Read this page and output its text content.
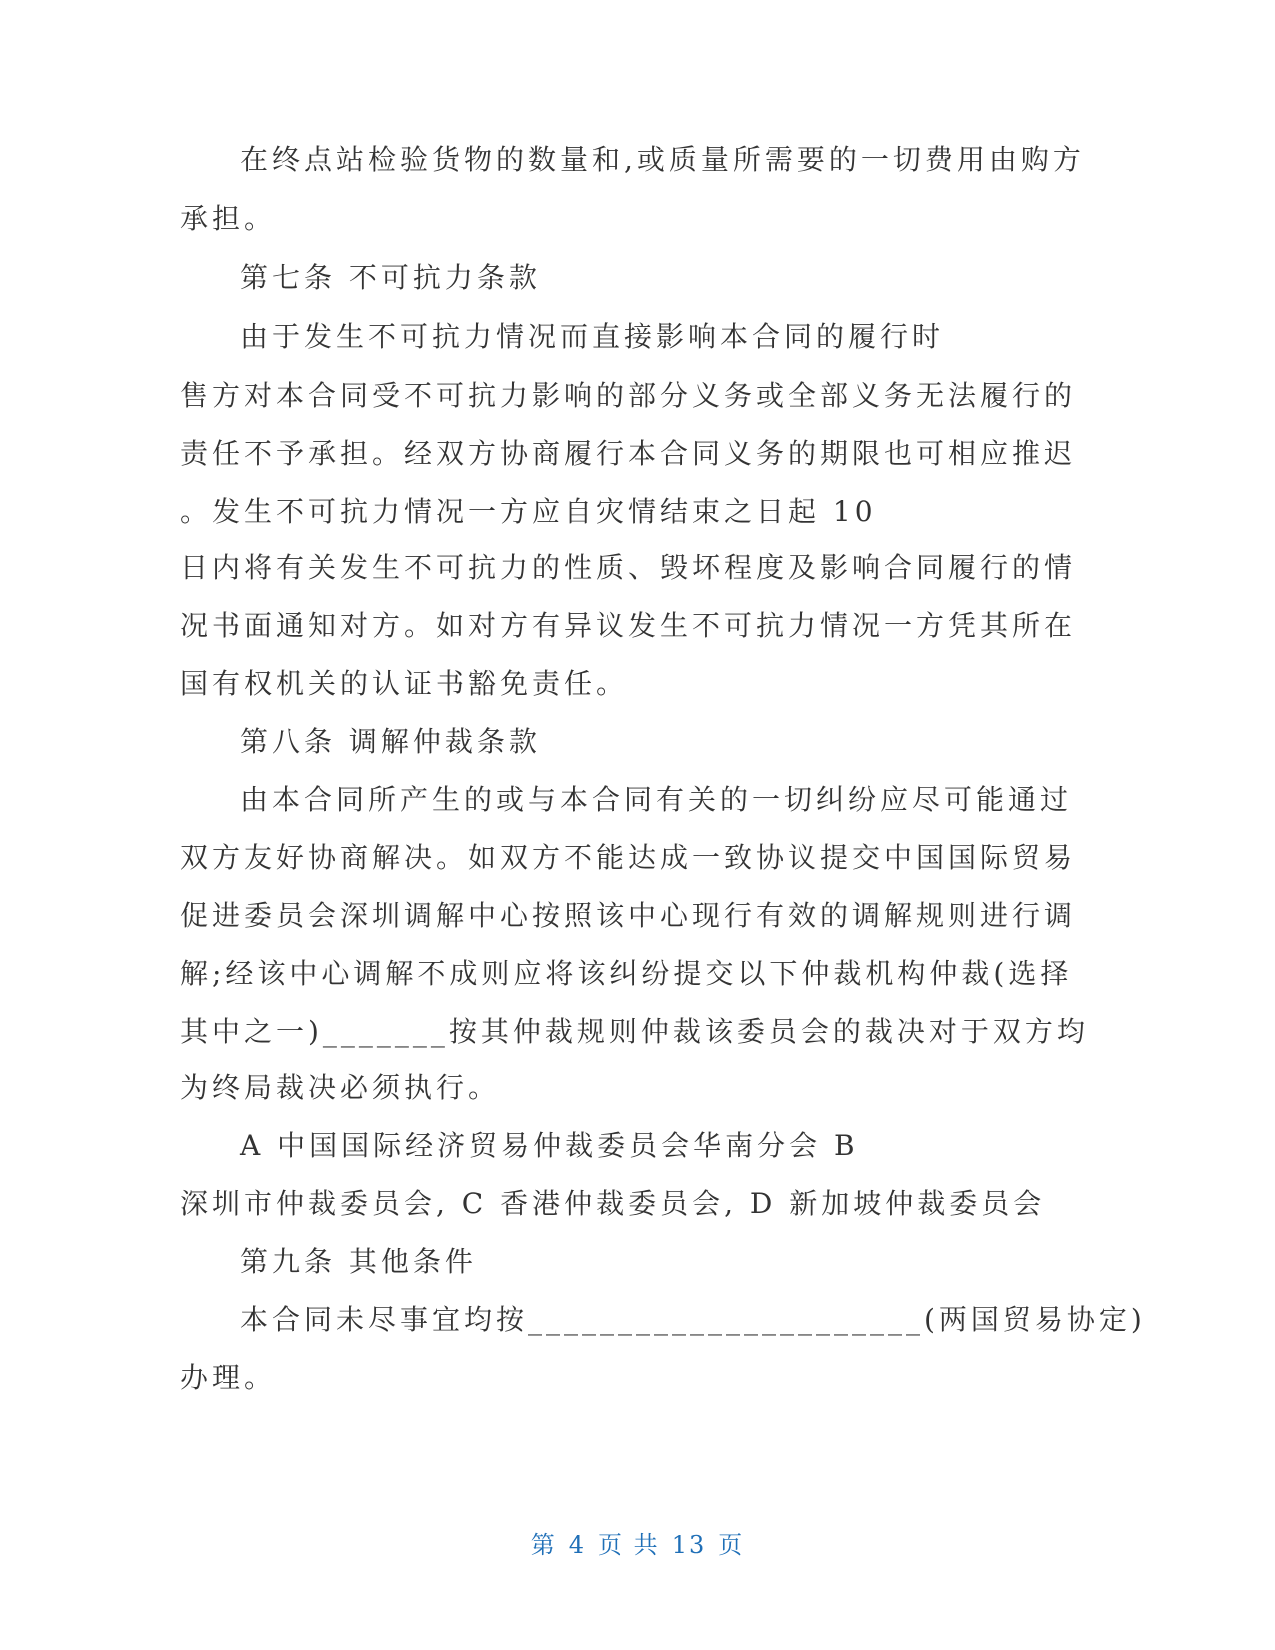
在终点站检验货物的数量和,或质量所需要的一切费用由购方
承担。
第七条 不可抗力条款
由于发生不可抗力情况而直接影响本合同的履行时
售方对本合同受不可抗力影响的部分义务或全部义务无法履行的
责任不予承担。经双方协商履行本合同义务的期限也可相应推迟
。发生不可抗力情况一方应自灾情结束之日起 10
日内将有关发生不可抗力的性质、毁坏程度及影响合同履行的情
况书面通知对方。如对方有异议发生不可抗力情况一方凭其所在
国有权机关的认证书豁免责任。
第八条 调解仲裁条款
由本合同所产生的或与本合同有关的一切纠纷应尽可能通过
双方友好协商解决。如双方不能达成一致协议提交中国国际贸易
促进委员会深圳调解中心按照该中心现行有效的调解规则进行调
解;经该中心调解不成则应将该纠纷提交以下仲裁机构仲裁(选择
其中之一)_______按其仲裁规则仲裁该委员会的裁决对于双方均
为终局裁决必须执行。
A 中国国际经济贸易仲裁委员会华南分会 B
深圳市仲裁委员会, C 香港仲裁委员会, D 新加坡仲裁委员会
第九条 其他条件
本合同未尽事宜均按______________________(两国贸易协定)
办理。
第 4 页 共 13 页
